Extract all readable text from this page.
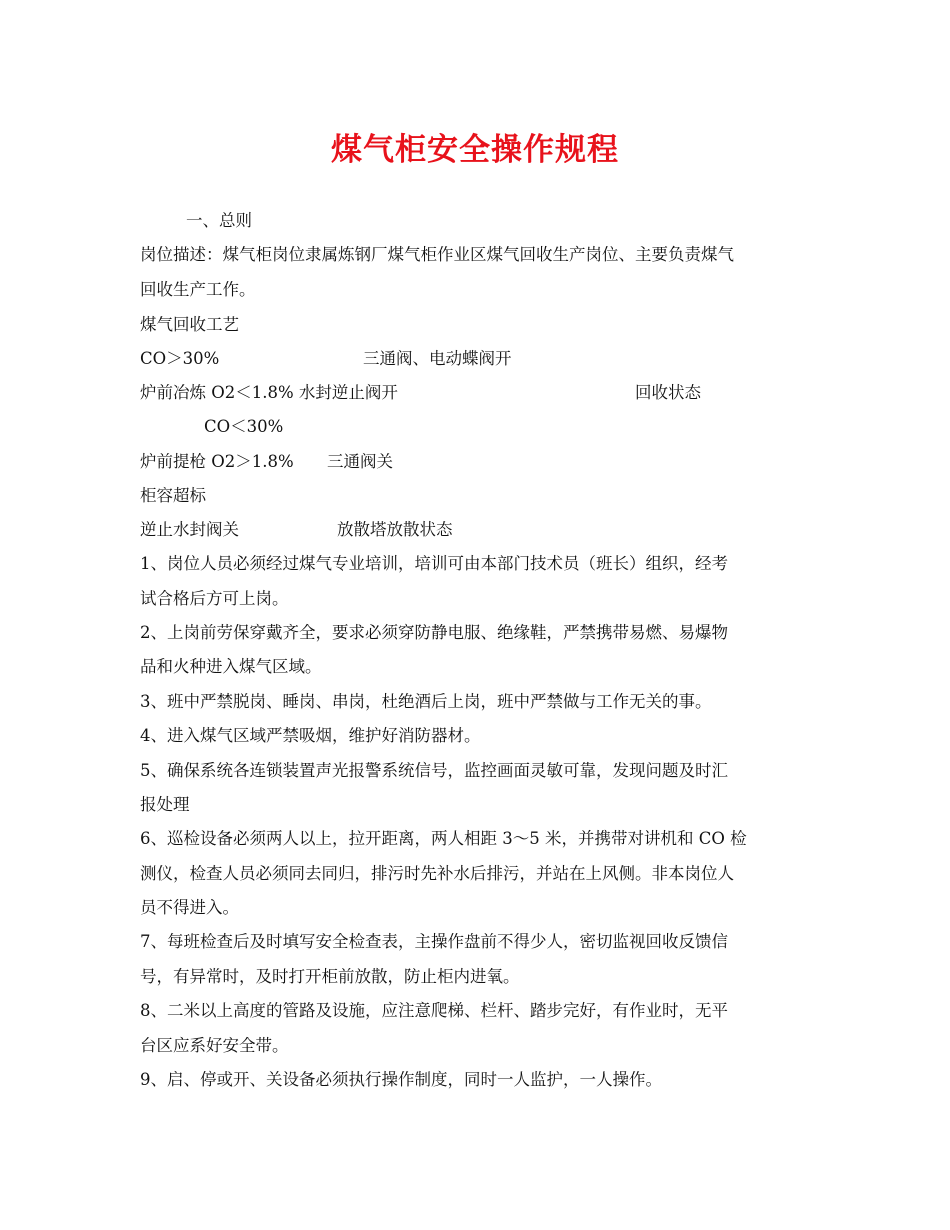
煤气柜安全操作规程
一、总则
岗位描述：煤气柜岗位隶属炼钢厂煤气柜作业区煤气回收生产岗位、主要负责煤气
回收生产工作。
煤气回收工艺
CO＞30%	三通阀、电动蝶阀开
炉前冶炼 O2＜1.8% 水封逆止阀开	回收状态
CO＜30%
炉前提枪 O2＞1.8% 三通阀关
柜容超标
逆止水封阀关	放散塔放散状态
1、岗位人员必须经过煤气专业培训，培训可由本部门技术员（班长）组织，经考
试合格后方可上岗。
2、上岗前劳保穿戴齐全，要求必须穿防静电服、绝缘鞋，严禁携带易燃、易爆物
品和火种进入煤气区域。
3、班中严禁脱岗、睡岗、串岗，杜绝酒后上岗，班中严禁做与工作无关的事。
4、进入煤气区域严禁吸烟，维护好消防器材。
5、确保系统各连锁装置声光报警系统信号，监控画面灵敏可靠，发现问题及时汇
报处理
6、巡检设备必须两人以上，拉开距离，两人相距 3～5 米，并携带对讲机和 CO 检
测仪，检查人员必须同去同归，排污时先补水后排污，并站在上风侧。非本岗位人
员不得进入。
7、每班检查后及时填写安全检查表，主操作盘前不得少人，密切监视回收反馈信
号，有异常时，及时打开柜前放散，防止柜内进氧。
8、二米以上高度的管路及设施，应注意爬梯、栏杆、踏步完好，有作业时，无平
台区应系好安全带。
9、启、停或开、关设备必须执行操作制度，同时一人监护，一人操作。
